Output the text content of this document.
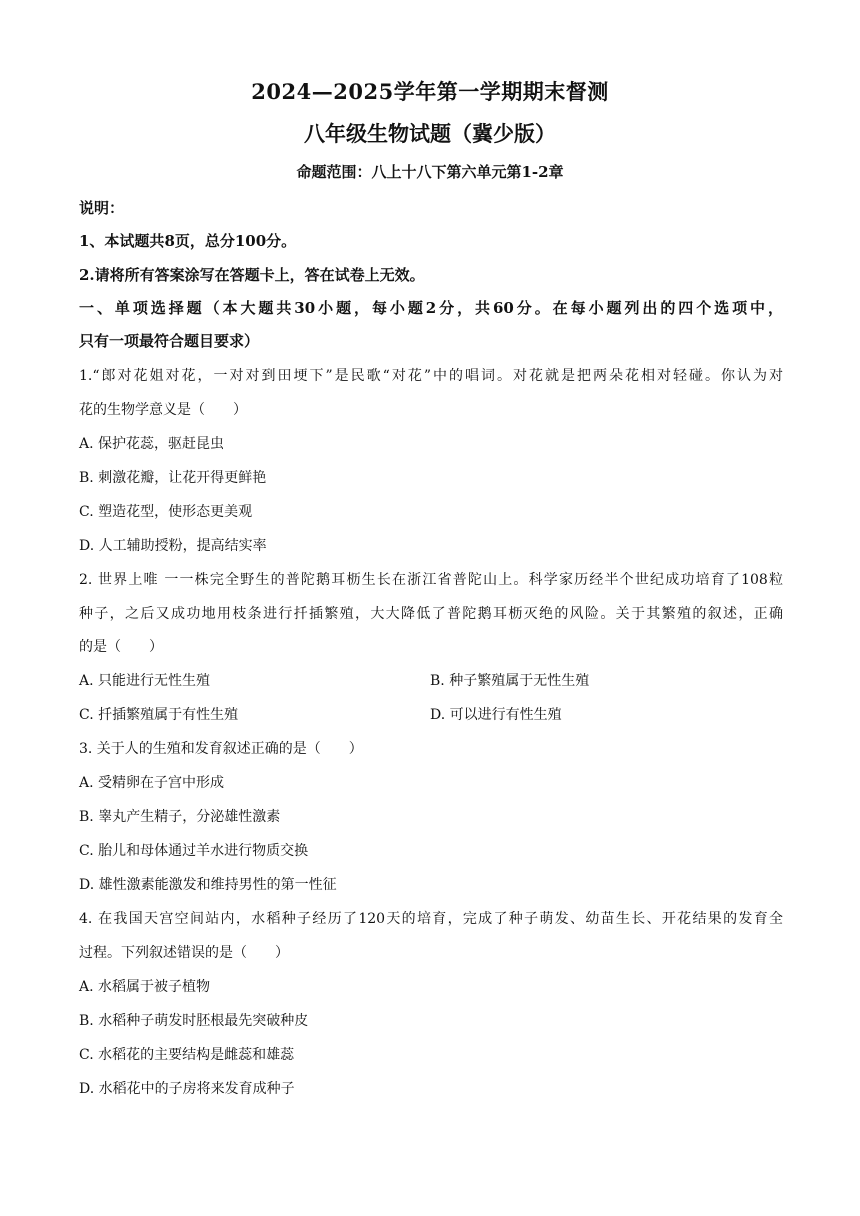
2024—2025学年第一学期期末督测
八年级生物试题（冀少版）
命题范围：八上十八下第六单元第1-2章
说明：
1、本试题共8页，总分100分。
2.请将所有答案涂写在答题卡上，答在试卷上无效。
一、单项选择题（本大题共30小题，每小题2分，共60分。在每小题列出的四个选项中，
只有一项最符合题目要求）
1.“郎对花姐对花，一对对到田埂下”是民歌“对花”中的唱词。对花就是把两朵花相对轻碰。你认为对
花的生物学意义是（　　）
A. 保护花蕊，驱赶昆虫
B. 刺激花瓣，让花开得更鲜艳
C. 塑造花型，使形态更美观
D. 人工辅助授粉，提高结实率
2. 世界上唯 一一株完全野生的普陀鹅耳枥生长在浙江省普陀山上。科学家历经半个世纪成功培育了108粒
种子，之后又成功地用枝条进行扦插繁殖，大大降低了普陀鹅耳枥灭绝的风险。关于其繁殖的叙述，正确
的是（　　）
A. 只能进行无性生殖	B. 种子繁殖属于无性生殖
C. 扦插繁殖属于有性生殖	D. 可以进行有性生殖
3. 关于人的生殖和发育叙述正确的是（　　）
A. 受精卵在子宫中形成
B. 睾丸产生精子，分泌雄性激素
C. 胎儿和母体通过羊水进行物质交换
D. 雄性激素能激发和维持男性的第一性征
4. 在我国天宫空间站内，水稻种子经历了120天的培育，完成了种子萌发、幼苗生长、开花结果的发育全
过程。下列叙述错误的是（　　）
A. 水稻属于被子植物
B. 水稻种子萌发时胚根最先突破种皮
C. 水稻花的主要结构是雌蕊和雄蕊
D. 水稻花中的子房将来发育成种子
